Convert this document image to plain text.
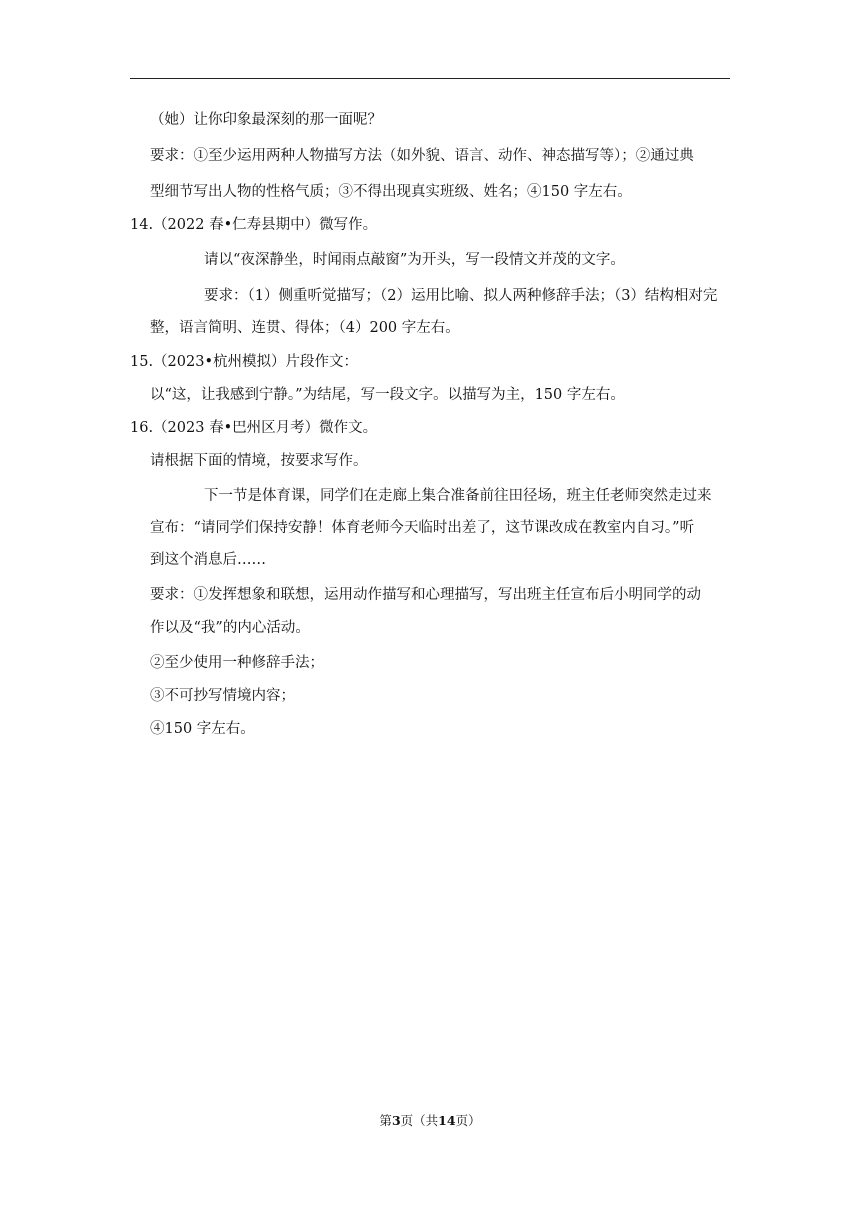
（她）让你印象最深刻的那一面呢？
要求：①至少运用两种人物描写方法（如外貌、语言、动作、神态描写等）；②通过典
型细节写出人物的性格气质；③不得出现真实班级、姓名；④150 字左右。
14.（2022 春•仁寿县期中）微写作。
请以“夜深静坐，时闻雨点敲窗”为开头，写一段情文并茂的文字。
要求：（1）侧重听觉描写；（2）运用比喻、拟人两种修辞手法；（3）结构相对完
整，语言简明、连贯、得体；（4）200 字左右。
15.（2023•杭州模拟）片段作文：
以“这，让我感到宁静。”为结尾，写一段文字。以描写为主，150 字左右。
16.（2023 春•巴州区月考）微作文。
请根据下面的情境，按要求写作。
下一节是体育课，同学们在走廊上集合准备前往田径场，班主任老师突然走过来
宣布：“请同学们保持安静！体育老师今天临时出差了，这节课改成在教室内自习。”听
到这个消息后……
要求：①发挥想象和联想，运用动作描写和心理描写，写出班主任宣布后小明同学的动
作以及“我”的内心活动。
②至少使用一种修辞手法；
③不可抄写情境内容；
④150 字左右。
第3页（共14页）
